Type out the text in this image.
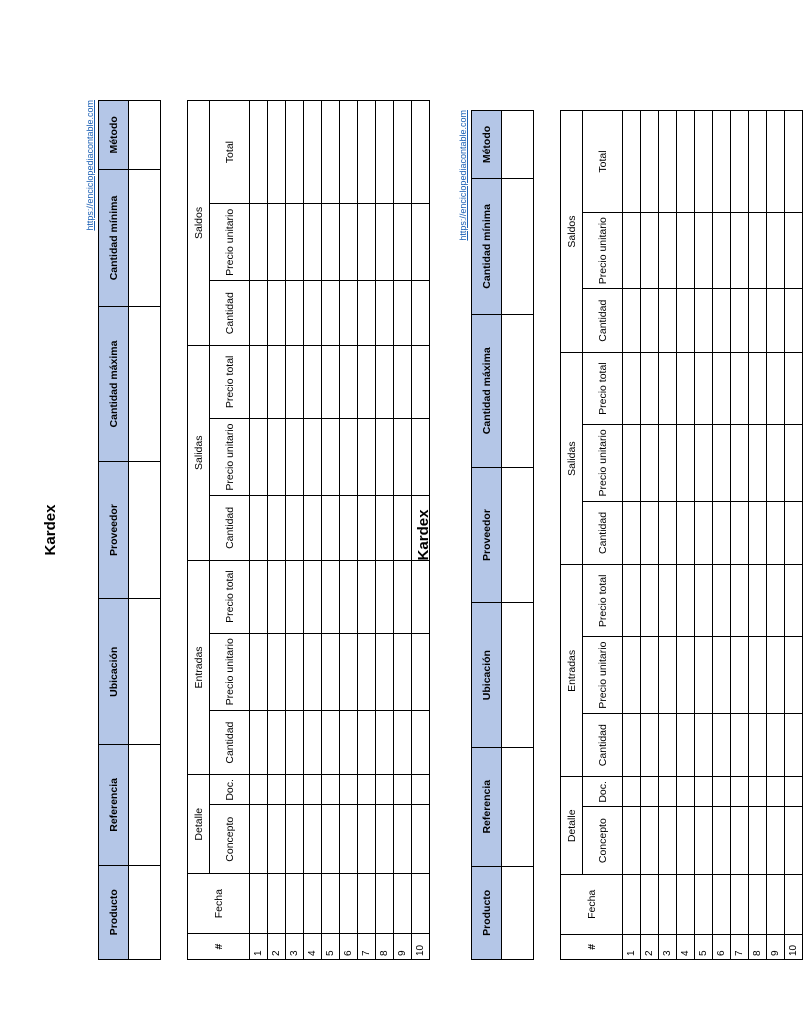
Kardex
https://enciclopediacontable.com
Producto	Referencia	Ubicación	Proveedor	Cantidad máxima	Cantidad mínima	Método

#	Fecha	Detalle		Entradas			Salidas			Saldos		
		Concepto	Doc.	Cantidad	Precio unitario	Precio total	Cantidad	Precio unitario	Precio total	Cantidad	Precio unitario	Total
1												
2												
3												
4												
5												
6												
7												
8												
9												
10												
Kardex
https://enciclopediacontable.com
Producto	Referencia	Ubicación	Proveedor	Cantidad máxima	Cantidad mínima	Método

#	Fecha	Detalle		Entradas			Salidas			Saldos		
		Concepto	Doc.	Cantidad	Precio unitario	Precio total	Cantidad	Precio unitario	Precio total	Cantidad	Precio unitario	Total
1												
2												
3												
4												
5												
6												
7												
8												
9												
10												
